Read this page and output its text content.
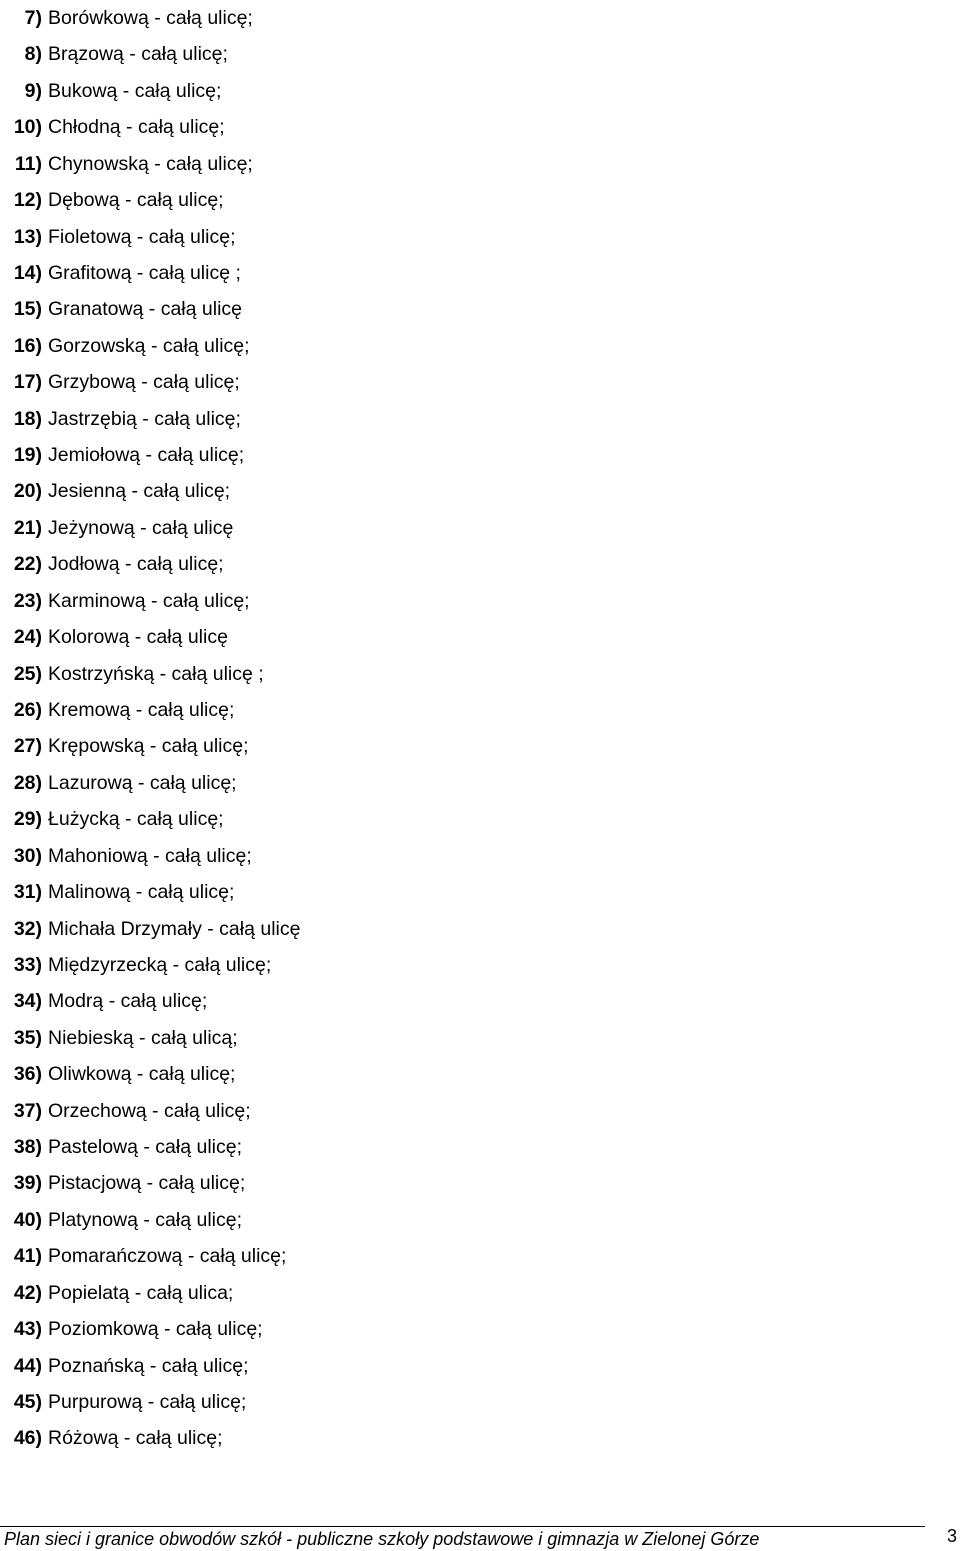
7) Borówkową - całą ulicę;
8) Brązową - całą ulicę;
9) Bukową - całą ulicę;
10) Chłodną - całą ulicę;
11) Chynowską - całą ulicę;
12) Dębową - całą ulicę;
13) Fioletową - całą ulicę;
14) Grafitową - całą ulicę ;
15) Granatową - całą ulicę
16) Gorzowską - całą ulicę;
17) Grzybową - całą ulicę;
18) Jastrzębią - całą ulicę;
19) Jemiołową - całą ulicę;
20) Jesienną - całą ulicę;
21) Jeżynową - całą ulicę
22) Jodłową - całą ulicę;
23) Karminową - całą ulicę;
24) Kolorową - całą ulicę
25) Kostrzyńską - całą ulicę ;
26) Kremową - całą ulicę;
27) Krępowską - całą ulicę;
28) Lazurową - całą ulicę;
29) Łużycką - całą ulicę;
30) Mahoniową - całą ulicę;
31) Malinową - całą ulicę;
32) Michała Drzymały - całą ulicę
33) Międzyrzecką - całą ulicę;
34) Modrą - całą ulicę;
35) Niebieską - całą ulicą;
36) Oliwkową - całą ulicę;
37) Orzechową - całą ulicę;
38) Pastelową - całą ulicę;
39) Pistacjową - całą ulicę;
40) Platynową - całą ulicę;
41) Pomarańczową - całą ulicę;
42) Popielatą - całą ulica;
43) Poziomkową - całą ulicę;
44) Poznańską - całą ulicę;
45) Purpurową - całą ulicę;
46) Różową - całą ulicę;
Plan sieci i granice obwodów szkół - publiczne szkoły podstawowe i gimnazja w Zielonej Górze	3
